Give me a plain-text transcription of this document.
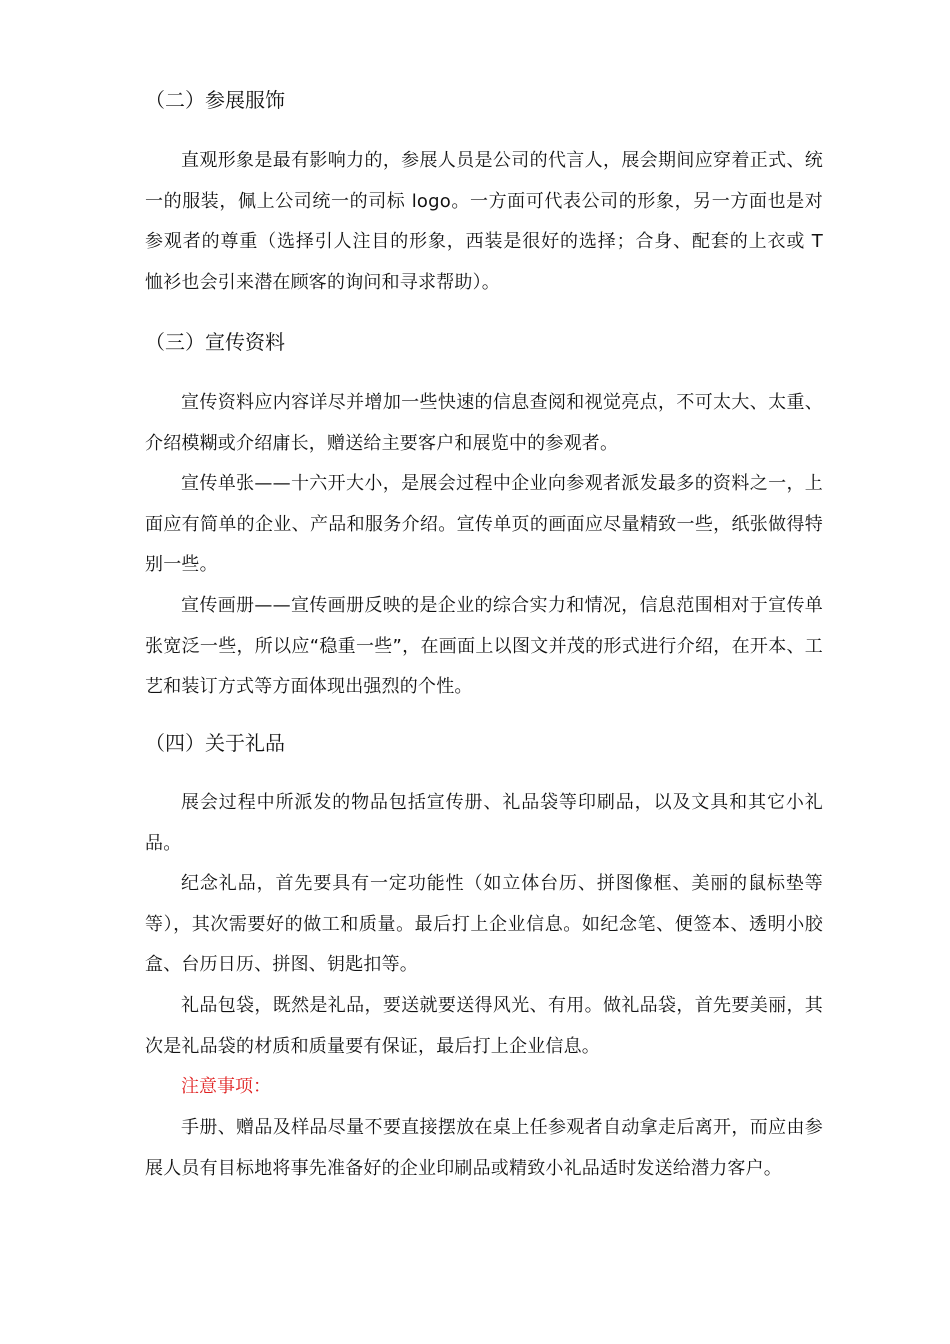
（二）参展服饰

直观形象是最有影响力的，参展人员是公司的代言人，展会期间应穿着正式、统一的服装，佩上公司统一的司标 logo。一方面可代表公司的形象，另一方面也是对参观者的尊重（选择引人注目的形象，西装是很好的选择；合身、配套的上衣或 T 恤衫也会引来潜在顾客的询问和寻求帮助）。

（三）宣传资料

宣传资料应内容详尽并增加一些快速的信息查阅和视觉亮点，不可太大、太重、介绍模糊或介绍庸长，赠送给主要客户和展览中的参观者。

宣传单张——十六开大小，是展会过程中企业向参观者派发最多的资料之一，上面应有简单的企业、产品和服务介绍。宣传单页的画面应尽量精致一些，纸张做得特别一些。

宣传画册——宣传画册反映的是企业的综合实力和情况，信息范围相对于宣传单张宽泛一些，所以应“稳重一些”，在画面上以图文并茂的形式进行介绍，在开本、工艺和装订方式等方面体现出强烈的个性。

（四）关于礼品

展会过程中所派发的物品包括宣传册、礼品袋等印刷品，以及文具和其它小礼品。

纪念礼品，首先要具有一定功能性（如立体台历、拼图像框、美丽的鼠标垫等等），其次需要好的做工和质量。最后打上企业信息。如纪念笔、便签本、透明小胶盒、台历日历、拼图、钥匙扣等。

礼品包袋，既然是礼品，要送就要送得风光、有用。做礼品袋，首先要美丽，其次是礼品袋的材质和质量要有保证，最后打上企业信息。

注意事项：

手册、赠品及样品尽量不要直接摆放在桌上任参观者自动拿走后离开，而应由参展人员有目标地将事先准备好的企业印刷品或精致小礼品适时发送给潜力客户。
